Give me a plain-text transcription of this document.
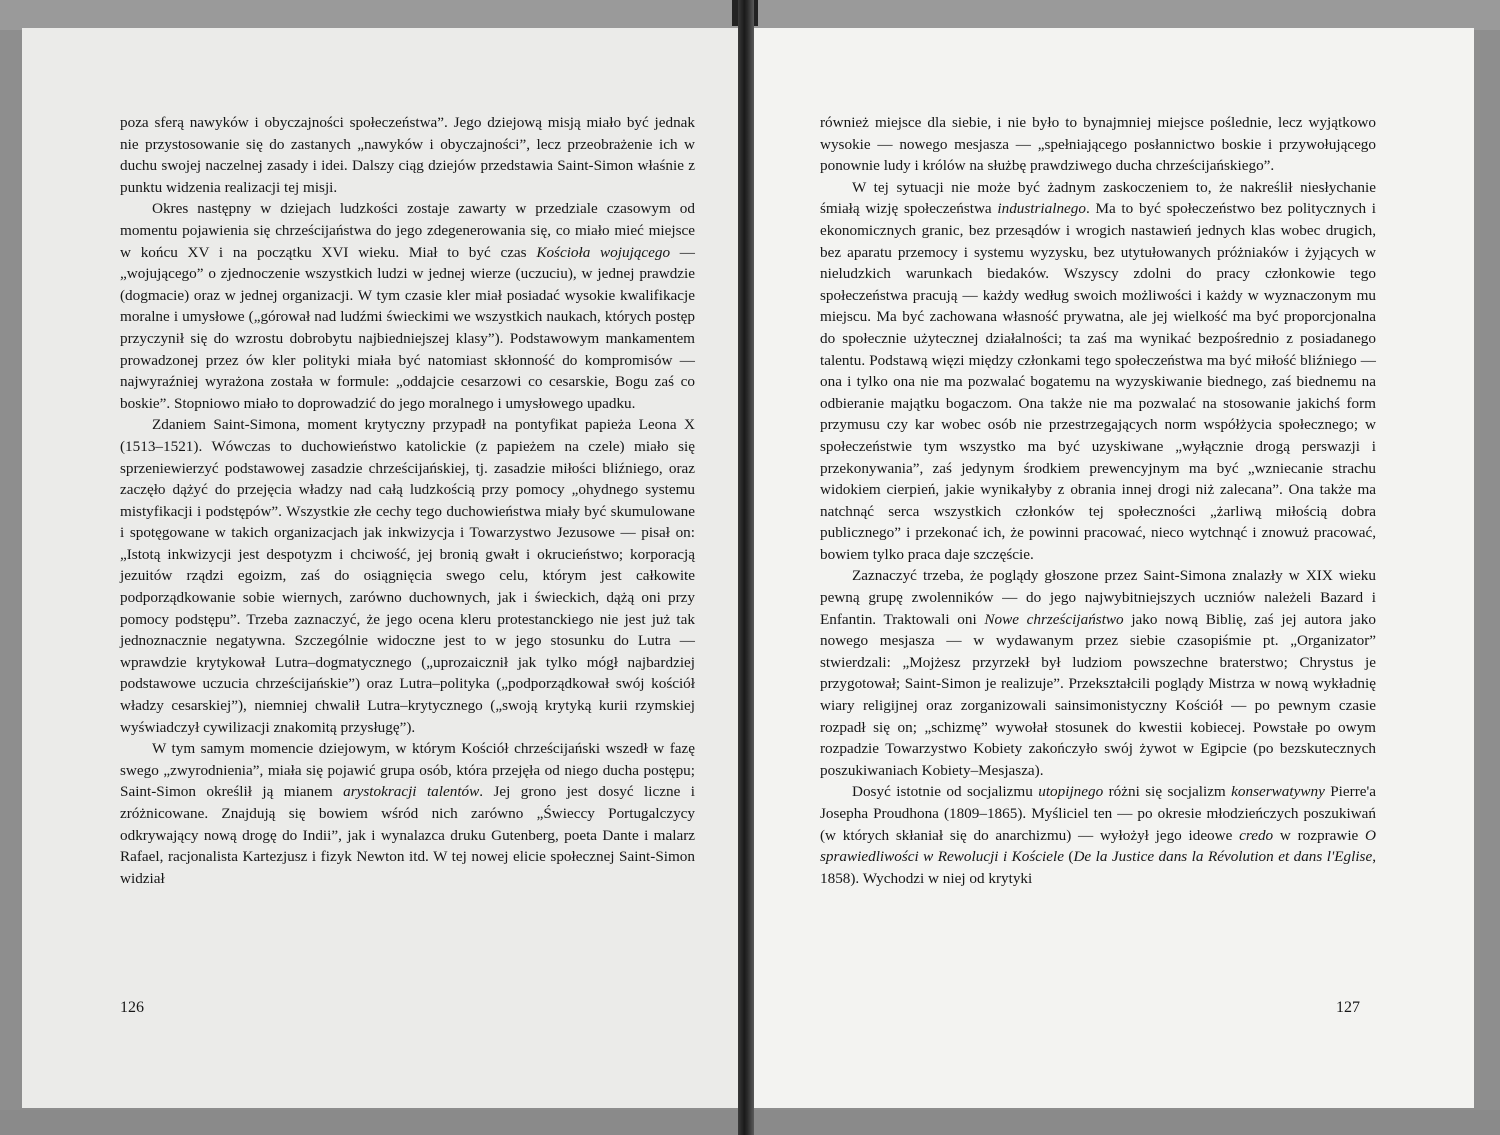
poza sferą nawyków i obyczajności społeczeństwa”. Jego dziejową misją miało być jednak nie przystosowanie się do zastanych „nawyków i obyczajności”, lecz przeobrażenie ich w duchu swojej naczelnej zasady i idei. Dalszy ciąg dziejów przedstawia Saint-Simon właśnie z punktu widzenia realizacji tej misji.

Okres następny w dziejach ludzkości zostaje zawarty w przedziale czasowym od momentu pojawienia się chrześcijaństwa do jego zdegenerowania się, co miało mieć miejsce w końcu XV i na początku XVI wieku. Miał to być czas Kościoła wojującego — „wojującego” o zjednoczenie wszystkich ludzi w jednej wierze (uczuciu), w jednej prawdzie (dogmacie) oraz w jednej organizacji. W tym czasie kler miał posiadać wysokie kwalifikacje moralne i umysłowe („górował nad ludźmi świeckimi we wszystkich naukach, których postęp przyczynił się do wzrostu dobrobytu najbiedniejszej klasy”). Podstawowym mankamentem prowadzonej przez ów kler polityki miała być natomiast skłonność do kompromisów — najwyraźniej wyrażona została w formule: „oddajcie cesarzowi co cesarskie, Bogu zaś co boskie”. Stopniowo miało to doprowadzić do jego moralnego i umysłowego upadku.

Zdaniem Saint-Simona, moment krytyczny przypadł na pontyfikat papieża Leona X (1513–1521). Wówczas to duchowieństwo katolickie (z papieżem na czele) miało się sprzeniewierzyć podstawowej zasadzie chrześcijańskiej, tj. zasadzie miłości bliźniego, oraz zaczęło dążyć do przejęcia władzy nad całą ludzkością przy pomocy „ohydnego systemu mistyfikacji i podstępów”. Wszystkie złe cechy tego duchowieństwa miały być skumulowane i spotęgowane w takich organizacjach jak inkwizycja i Towarzystwo Jezusowe — pisał on: „Istotą inkwizycji jest despotyzm i chciwość, jej bronią gwałt i okrucieństwo; korporacją jezuitów rządzi egoizm, zaś do osiągnięcia swego celu, którym jest całkowite podporządkowanie sobie wiernych, zarówno duchownych, jak i świeckich, dążą oni przy pomocy podstępu”. Trzeba zaznaczyć, że jego ocena kleru protestanckiego nie jest już tak jednoznacznie negatywna. Szczególnie widoczne jest to w jego stosunku do Lutra — wprawdzie krytykował Lutra–dogmatycznego („uprozaicznił jak tylko mógł najbardziej podstawowe uczucia chrześcijańskie”) oraz Lutra–polityka („podporządkował swój kościół władzy cesarskiej”), niemniej chwalił Lutra–krytycznego („swoją krytyką kurii rzymskiej wyświadczył cywilizacji znakomitą przysługę”).

W tym samym momencie dziejowym, w którym Kościół chrześcijański wszedł w fazę swego „zwyrodnienia”, miała się pojawić grupa osób, która przejęła od niego ducha postępu; Saint-Simon określił ją mianem arystokracji talentów. Jej grono jest dosyć liczne i zróżnicowane. Znajdują się bowiem wśród nich zarówno „Świeccy Portugalczycy odkrywający nową drogę do Indii”, jak i wynalazca druku Gutenberg, poeta Dante i malarz Rafael, racjonalista Kartezjusz i fizyk Newton itd. W tej nowej elicie społecznej Saint-Simon widział

126

również miejsce dla siebie, i nie było to bynajmniej miejsce poślednie, lecz wyjątkowo wysokie — nowego mesjasza — „spełniającego posłannictwo boskie i przywołującego ponownie ludy i królów na służbę prawdziwego ducha chrześcijańskiego”.

W tej sytuacji nie może być żadnym zaskoczeniem to, że nakreślił niesłychanie śmiałą wizję społeczeństwa industrialnego. Ma to być społeczeństwo bez politycznych i ekonomicznych granic, bez przesądów i wrogich nastawień jednych klas wobec drugich, bez aparatu przemocy i systemu wyzysku, bez utytułowanych próżniaków i żyjących w nieludzkich warunkach biedaków. Wszyscy zdolni do pracy członkowie tego społeczeństwa pracują — każdy według swoich możliwości i każdy w wyznaczonym mu miejscu. Ma być zachowana własność prywatna, ale jej wielkość ma być proporcjonalna do społecznie użytecznej działalności; ta zaś ma wynikać bezpośrednio z posiadanego talentu. Podstawą więzi między członkami tego społeczeństwa ma być miłość bliźniego — ona i tylko ona nie ma pozwalać bogatemu na wyzyskiwanie biednego, zaś biednemu na odbieranie majątku bogaczom. Ona także nie ma pozwalać na stosowanie jakichś form przymusu czy kar wobec osób nie przestrzegających norm współżycia społecznego; w społeczeństwie tym wszystko ma być uzyskiwane „wyłącznie drogą perswazji i przekonywania”, zaś jedynym środkiem prewencyjnym ma być „wzniecanie strachu widokiem cierpień, jakie wynikałyby z obrania innej drogi niż zalecana”. Ona także ma natchnąć serca wszystkich członków tej społeczności „żarliwą miłością dobra publicznego” i przekonać ich, że powinni pracować, nieco wytchnąć i znowuż pracować, bowiem tylko praca daje szczęście.

Zaznaczyć trzeba, że poglądy głoszone przez Saint-Simona znalazły w XIX wieku pewną grupę zwolenników — do jego najwybitniejszych uczniów należeli Bazard i Enfantin. Traktowali oni Nowe chrześcijaństwo jako nową Biblię, zaś jej autora jako nowego mesjasza — w wydawanym przez siebie czasopiśmie pt. „Organizator” stwierdzali: „Mojżesz przyrzekł był ludziom powszechne braterstwo; Chrystus je przygotował; Saint-Simon je realizuje”. Przekształcili poglądy Mistrza w nową wykładnię wiary religijnej oraz zorganizowali sainsimonistyczny Kościół — po pewnym czasie rozpadł się on; „schizmę” wywołał stosunek do kwestii kobiecej. Powstałe po owym rozpadzie Towarzystwo Kobiety zakończyło swój żywot w Egipcie (po bezskutecznych poszukiwaniach Kobiety–Mesjasza).

Dosyć istotnie od socjalizmu utopijnego różni się socjalizm konserwatywny Pierre'a Josepha Proudhona (1809–1865). Myśliciel ten — po okresie młodzieńczych poszukiwań (w których skłaniał się do anarchizmu) — wyłożył jego ideowe credo w rozprawie O sprawiedliwości w Rewolucji i Kościele (De la Justice dans la Révolution et dans l'Eglise, 1858). Wychodzi w niej od krytyki

127
